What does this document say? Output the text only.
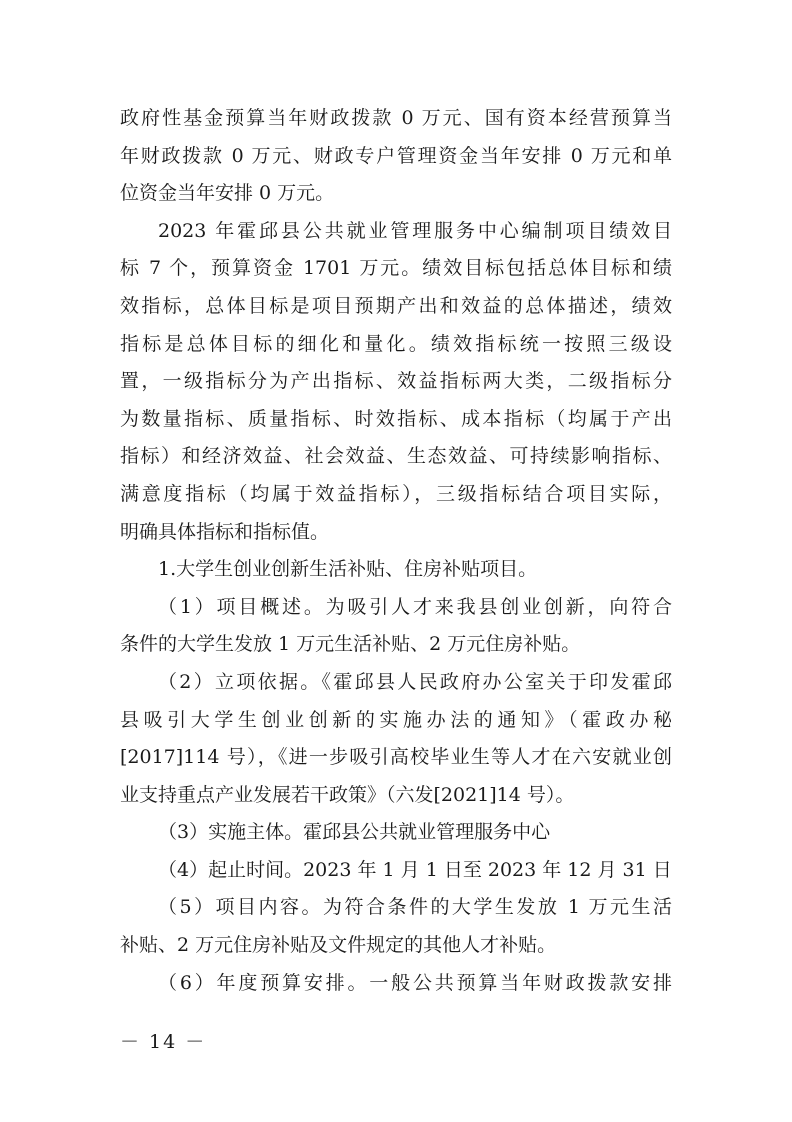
政府性基金预算当年财政拨款 0 万元、国有资本经营预算当
年财政拨款 0 万元、财政专户管理资金当年安排 0 万元和单
位资金当年安排 0 万元。
2023 年霍邱县公共就业管理服务中心编制项目绩效目
标 7 个，预算资金 1701 万元。绩效目标包括总体目标和绩
效指标，总体目标是项目预期产出和效益的总体描述，绩效
指标是总体目标的细化和量化。绩效指标统一按照三级设
置，一级指标分为产出指标、效益指标两大类，二级指标分
为数量指标、质量指标、时效指标、成本指标（均属于产出
指标）和经济效益、社会效益、生态效益、可持续影响指标、
满意度指标（均属于效益指标），三级指标结合项目实际，
明确具体指标和指标值。
1.大学生创业创新生活补贴、住房补贴项目。
（1）项目概述。为吸引人才来我县创业创新，向符合
条件的大学生发放 1 万元生活补贴、2 万元住房补贴。
（2）立项依据。《霍邱县人民政府办公室关于印发霍邱
县吸引大学生创业创新的实施办法的通知》（霍政办秘
[2017]114 号），《进一步吸引高校毕业生等人才在六安就业创
业支持重点产业发展若干政策》（六发[2021]14 号）。
（3）实施主体。霍邱县公共就业管理服务中心
（4）起止时间。2023 年 1 月 1 日至 2023 年 12 月 31 日
（5）项目内容。为符合条件的大学生发放 1 万元生活
补贴、2 万元住房补贴及文件规定的其他人才补贴。
（6）年度预算安排。一般公共预算当年财政拨款安排
－ 14 －
